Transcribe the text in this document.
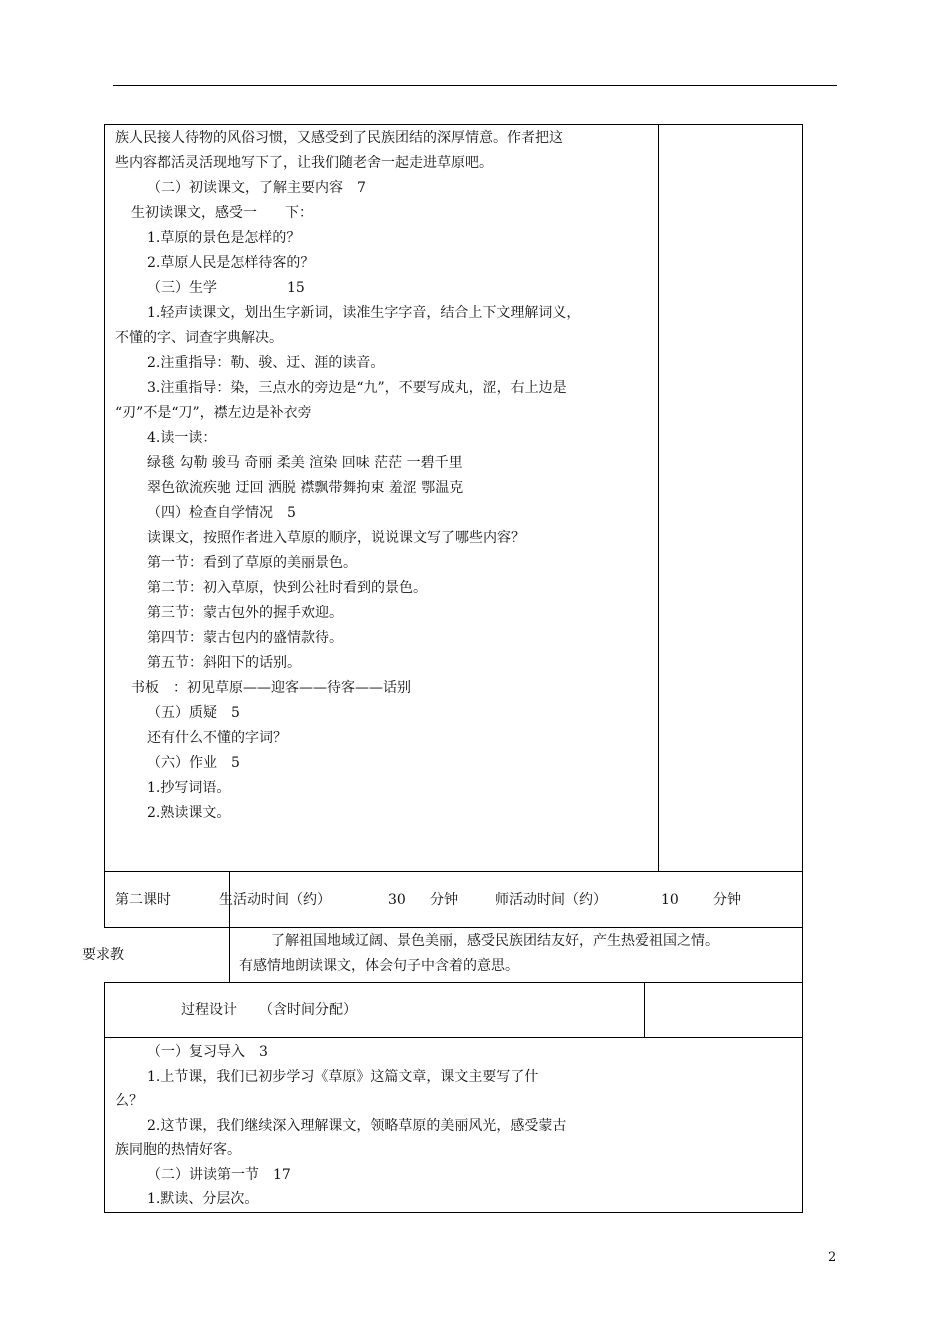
族人民接人待物的风俗习惯，又感受到了民族团结的深厚情意。作者把这
些内容都活灵活现地写下了，让我们随老舍一起走进草原吧。
（二）初读课文，了解主要内容　7
生初读课文，感受一　　下：
1.草原的景色是怎样的？
2.草原人民是怎样待客的？
（三）生学　　　　　15
1.轻声读课文，划出生字新词，读准生字字音，结合上下文理解词义，
不懂的字、词查字典解决。
2.注重指导：勒、骏、迂、涯的读音。
3.注重指导：染，三点水的旁边是“九”，不要写成丸，涩，右上边是
“刃”不是“刀”，襟左边是补衣旁
4.读一读：
绿毯 勾勒 骏马 奇丽 柔美 渲染 回味 茫茫 一碧千里
翠色欲流疾驰 迂回 洒脱 襟飘带舞拘束 羞涩 鄂温克
（四）检查自学情况　5
读课文，按照作者进入草原的顺序，说说课文写了哪些内容？
第一节：看到了草原的美丽景色。
第二节：初入草原，快到公社时看到的景色。
第三节：蒙古包外的握手欢迎。
第四节：蒙古包内的盛情款待。
第五节：斜阳下的话别。
书板　：初见草原——迎客——待客——话别
（五）质疑　5
还有什么不懂的字词？
（六）作业　5
1.抄写词语。
2.熟读课文。
第二课时	生活动时间（约）	30 分钟	师活动时间（约）	10 分钟
要求教
了解祖国地域辽阔、景色美丽，感受民族团结友好，产生热爱祖国之情。
有感情地朗读课文，体会句子中含着的意思。
过程设计 （含时间分配）
（一）复习导入　3
1.上节课，我们已初步学习《草原》这篇文章，课文主要写了什
么？
2.这节课，我们继续深入理解课文，领略草原的美丽风光，感受蒙古
族同胞的热情好客。
（二）讲读第一节　17
1.默读、分层次。
2
